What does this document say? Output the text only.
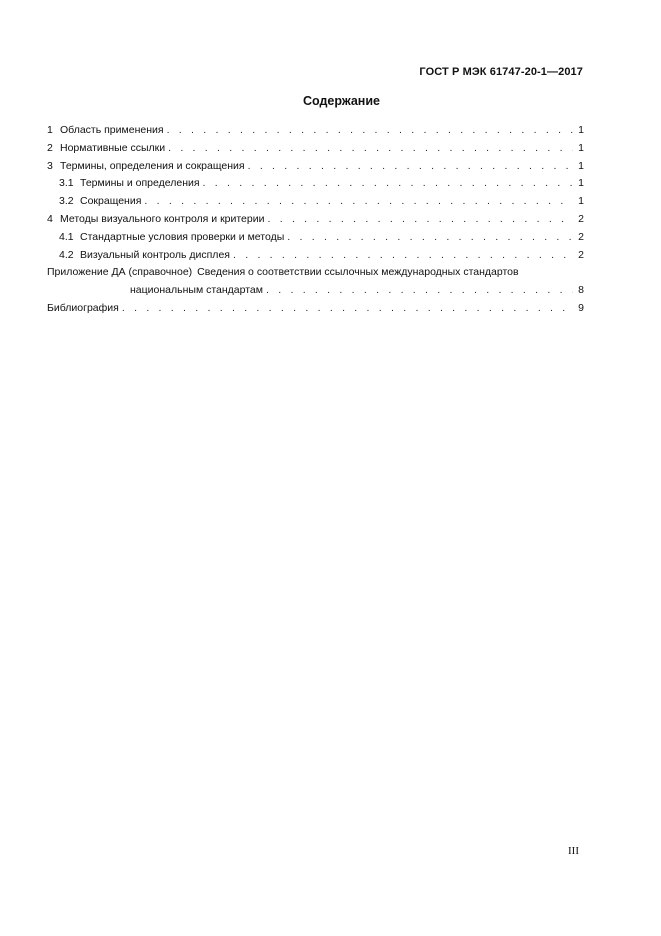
ГОСТ Р МЭК 61747-20-1—2017
Содержание
1 Область применения . . .	1
2 Нормативные ссылки . . .	1
3 Термины, определения и сокращения . . .	1
3.1 Термины и определения . . .	1
3.2 Сокращения . . .	1
4 Методы визуального контроля и критерии . . .	2
4.1 Стандартные условия проверки и методы . . .	2
4.2 Визуальный контроль дисплея . . .	2
Приложение ДА (справочное) Сведения о соответствии ссылочных международных стандартов
национальным стандартам . . .	8
Библиография . . .	9
III
